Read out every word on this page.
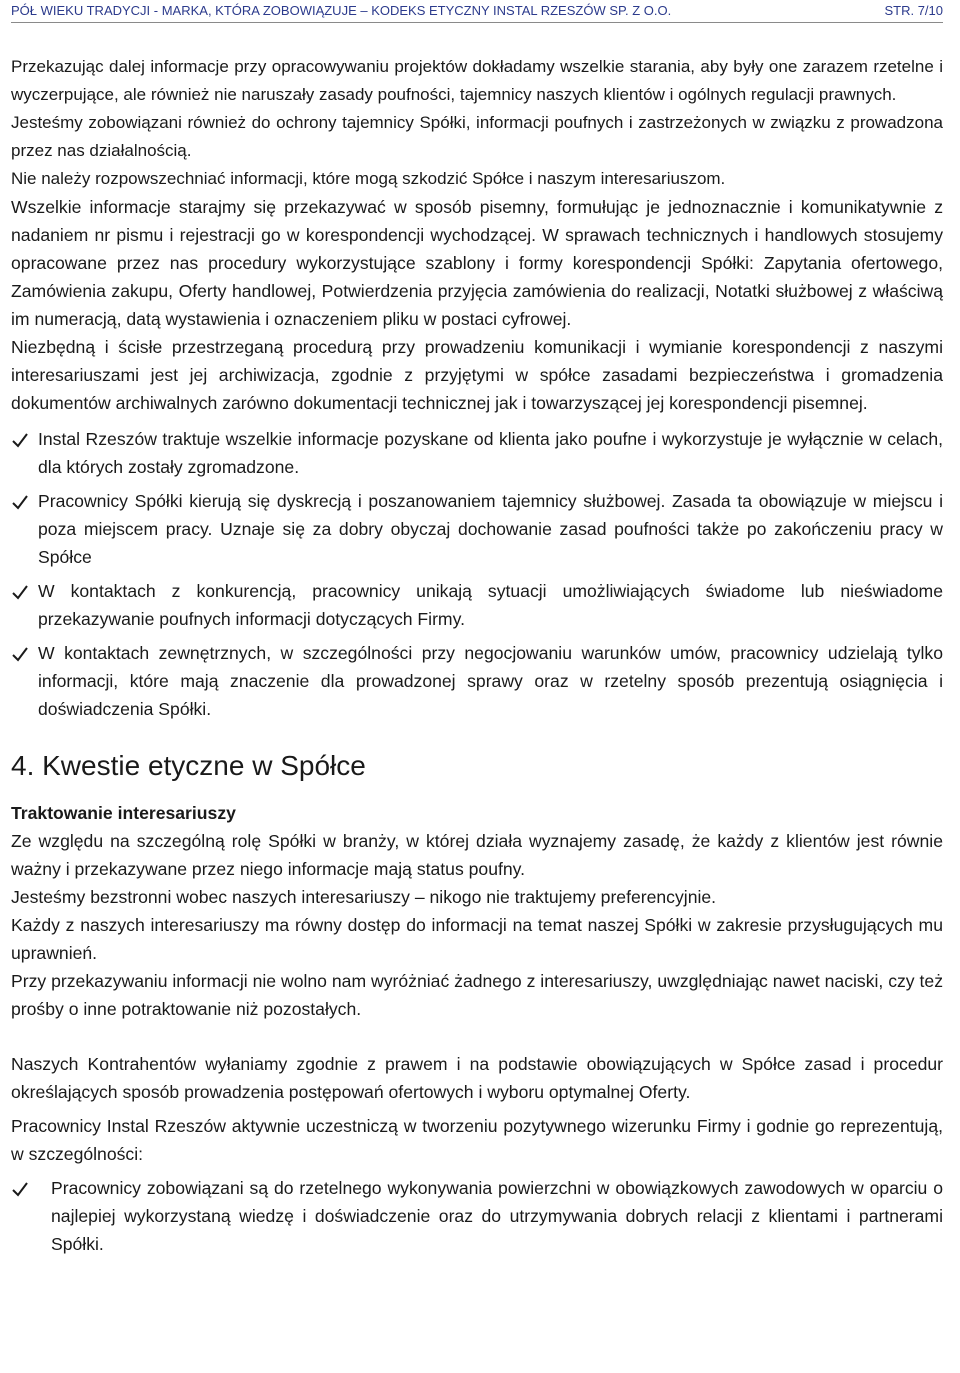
PÓŁ WIEKU TRADYCJI - MARKA, KTÓRA ZOBOWIĄZUJE – KODEKS ETYCZNY INSTAL RZESZÓW SP. Z O.O.	STR. 7/10

Przekazując dalej informacje przy opracowywaniu projektów dokładamy wszelkie starania, aby były one zarazem rzetelne i wyczerpujące, ale również nie naruszały zasady poufności, tajemnicy naszych klientów i ogólnych regulacji prawnych.

Jesteśmy zobowiązani również do ochrony tajemnicy Spółki, informacji poufnych i zastrzeżonych w związku z prowadzona przez nas działalnością.

Nie należy rozpowszechniać informacji, które mogą szkodzić Spółce i naszym interesariuszom.

Wszelkie informacje starajmy się przekazywać w sposób pisemny, formułując je jednoznacznie i komunikatywnie z nadaniem nr pismu i rejestracji go w korespondencji wychodzącej. W sprawach technicznych i handlowych stosujemy opracowane przez nas procedury wykorzystujące szablony i formy korespondencji Spółki: Zapytania ofertowego, Zamówienia zakupu, Oferty handlowej, Potwierdzenia przyjęcia zamówienia do realizacji, Notatki służbowej z właściwą im numeracją, datą wystawienia i oznaczeniem pliku w postaci cyfrowej.

Niezbędną i ścisłe przestrzeganą procedurą przy prowadzeniu komunikacji i wymianie korespondencji z naszymi interesariuszami jest jej archiwizacja, zgodnie z przyjętymi w spółce zasadami bezpieczeństwa i gromadzenia dokumentów archiwalnych zarówno dokumentacji technicznej jak i towarzyszącej jej korespondencji pisemnej.

Instal Rzeszów traktuje wszelkie informacje pozyskane od klienta jako poufne i wykorzystuje je wyłącznie w celach, dla których zostały zgromadzone.
Pracownicy Spółki kierują się dyskrecją i poszanowaniem tajemnicy służbowej. Zasada ta obowiązuje w miejscu i poza miejscem pracy. Uznaje się za dobry obyczaj dochowanie zasad poufności także po zakończeniu pracy w Spółce
W kontaktach z konkurencją, pracownicy unikają sytuacji umożliwiających świadome lub nieświadome przekazywanie poufnych informacji dotyczących Firmy.
W kontaktach zewnętrznych, w szczególności przy negocjowaniu warunków umów, pracownicy udzielają tylko informacji, które mają znaczenie dla prowadzonej sprawy oraz w rzetelny sposób prezentują osiągnięcia i doświadczenia Spółki.
4. Kwestie etyczne w Spółce

Traktowanie interesariuszy

Ze względu na szczególną rolę Spółki w branży, w której działa wyznajemy zasadę, że każdy z klientów jest równie ważny i przekazywane przez niego informacje mają status poufny.

Jesteśmy bezstronni wobec naszych interesariuszy – nikogo nie traktujemy preferencyjnie.

Każdy z naszych interesariuszy ma równy dostęp do informacji na temat naszej Spółki w zakresie przysługujących mu uprawnień.

Przy przekazywaniu informacji nie wolno nam wyróżniać żadnego z interesariuszy, uwzględniając nawet naciski, czy też prośby o inne potraktowanie niż pozostałych.

Naszych Kontrahentów wyłaniamy zgodnie z prawem i na podstawie obowiązujących w Spółce zasad i procedur określających sposób prowadzenia postępowań ofertowych i wyboru optymalnej Oferty.

Pracownicy Instal Rzeszów aktywnie uczestniczą w tworzeniu pozytywnego wizerunku Firmy i godnie go reprezentują, w szczególności:

Pracownicy zobowiązani są do rzetelnego wykonywania powierzchni w obowiązkowych zawodowych w oparciu o najlepiej wykorzystaną wiedzę i doświadczenie oraz do utrzymywania dobrych relacji z klientami i partnerami Spółki.
